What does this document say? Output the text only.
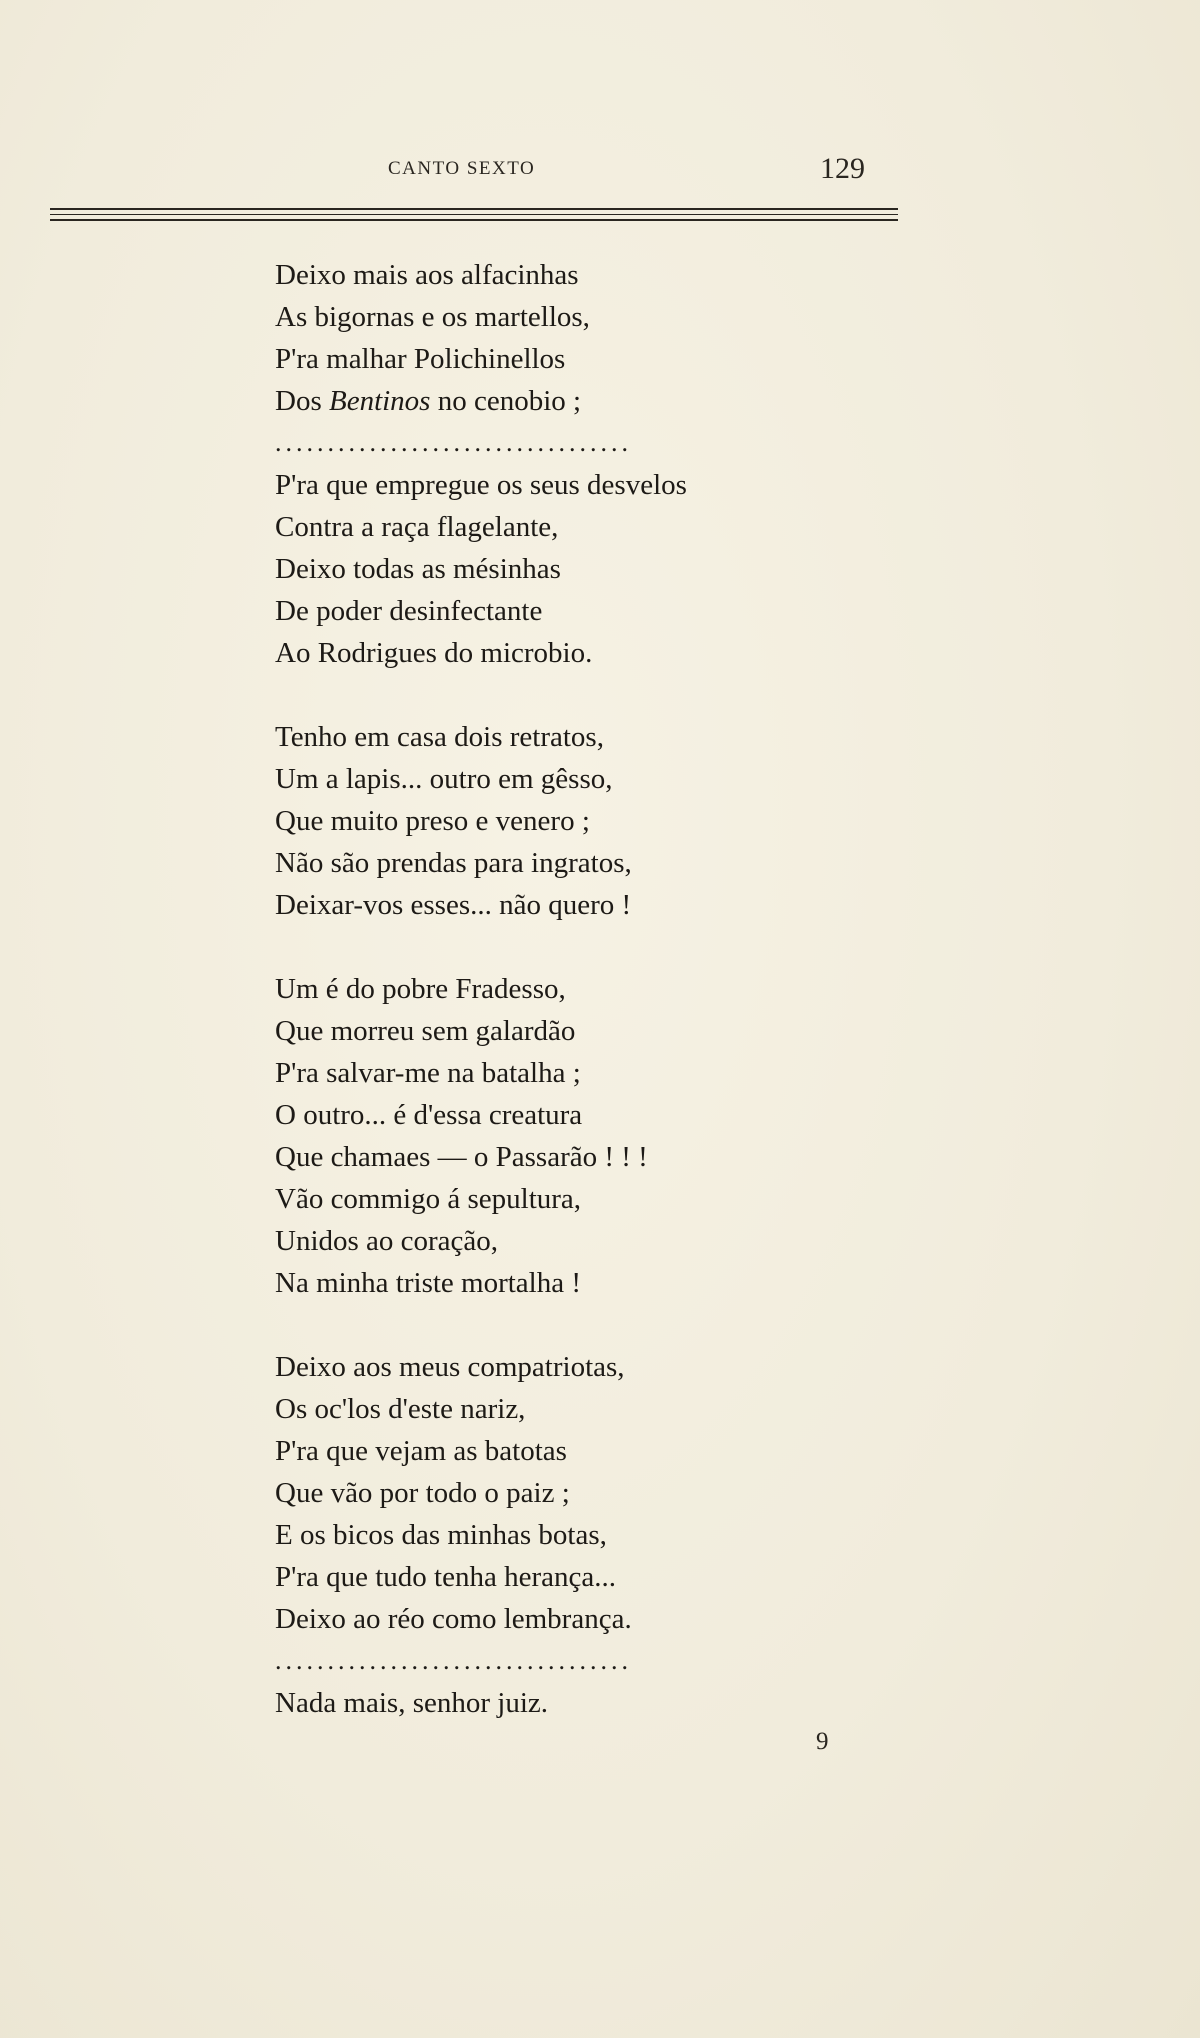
CANTO SEXTO	129
Deixo mais aos alfacinhas
As bigornas e os martellos,
P'ra malhar Polichinellos
Dos Bentinos no cenobio ;
..................................
P'ra que empregue os seus desvelos
Contra a raça flagelante,
Deixo todas as mésinhas
De poder desinfectante
Ao Rodrigues do microbio.
Tenho em casa dois retratos,
Um a lapis... outro em gêsso,
Que muito preso e venero ;
Não são prendas para ingratos,
Deixar-vos esses... não quero !
Um é do pobre Fradesso,
Que morreu sem galardão
P'ra salvar-me na batalha ;
O outro... é d'essa creatura
Que chamaes — o Passarão ! ! !
Vão commigo á sepultura,
Unidos ao coração,
Na minha triste mortalha !
Deixo aos meus compatriotas,
Os oc'los d'este nariz,
P'ra que vejam as batotas
Que vão por todo o paiz ;
E os bicos das minhas botas,
P'ra que tudo tenha herança...
Deixo ao réo como lembrança.
..................................
Nada mais, senhor juiz.
9
